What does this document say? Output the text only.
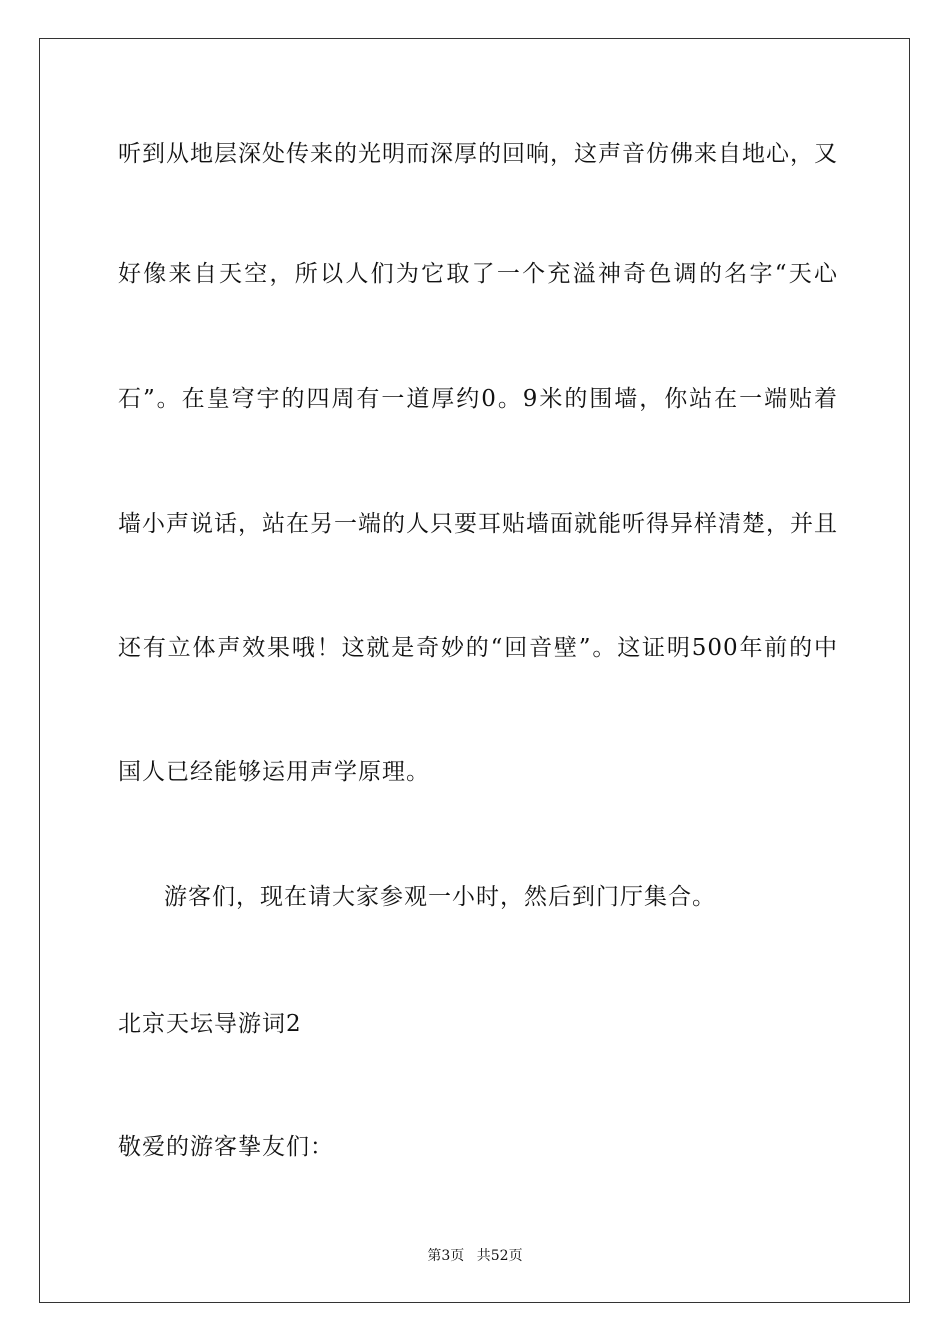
听到从地层深处传来的光明而深厚的回响，这声音仿佛来自地心，又
好像来自天空，所以人们为它取了一个充溢神奇色调的名字“天心
石”。在皇穹宇的四周有一道厚约0。9米的围墙，你站在一端贴着
墙小声说话，站在另一端的人只要耳贴墙面就能听得异样清楚，并且
还有立体声效果哦！这就是奇妙的“回音壁”。这证明500年前的中
国人已经能够运用声学原理。
游客们，现在请大家参观一小时，然后到门厅集合。
北京天坛导游词2
敬爱的游客挚友们：
第3页 共52页
